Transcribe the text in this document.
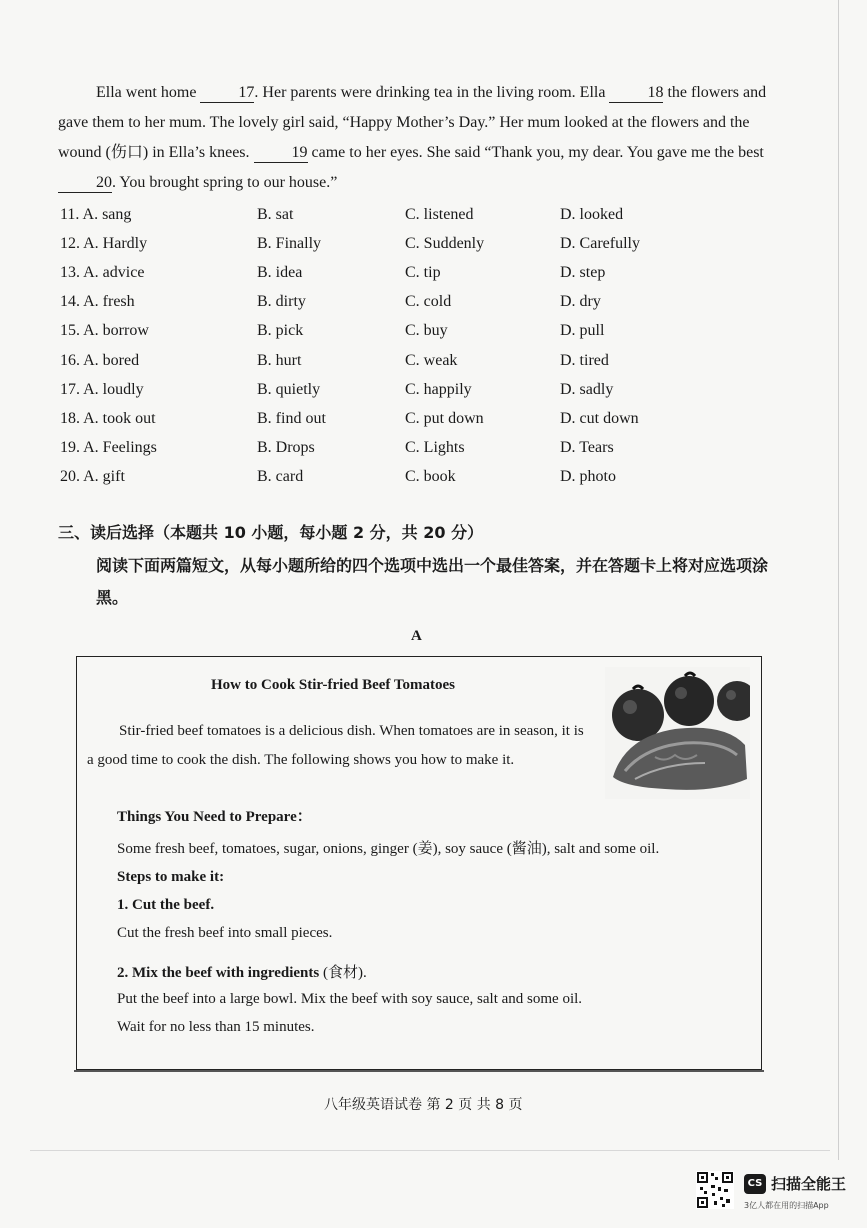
Ella went home 17. Her parents were drinking tea in the living room. Ella 18 the flowers and gave them to her mum. The lovely girl said, “Happy Mother’s Day.” Her mum looked at the flowers and the wound (伤口) in Ella’s knees. 19 came to her eyes. She said “Thank you, my dear. You gave me the best 20. You brought spring to our house.”

11. A. sang	B. sat	C. listened	D. looked
12. A. Hardly	B. Finally	C. Suddenly	D. Carefully
13. A. advice	B. idea	C. tip	D. step
14. A. fresh	B. dirty	C. cold	D. dry
15. A. borrow	B. pick	C. buy	D. pull
16. A. bored	B. hurt	C. weak	D. tired
17. A. loudly	B. quietly	C. happily	D. sadly
18. A. took out	B. find out	C. put down	D. cut down
19. A. Feelings	B. Drops	C. Lights	D. Tears
20. A. gift	B. card	C. book	D. photo
三、读后选择（本题共 10 小题，每小题 2 分，共 20 分）
阅读下面两篇短文，从每小题所给的四个选项中选出一个最佳答案，并在答题卡上将对应选项涂黑。
A
How to Cook Stir-fried Beef Tomatoes

Stir-fried beef tomatoes is a delicious dish. When tomatoes are in season, it is a good time to cook the dish. The following shows you how to make it.

Things You Need to Prepare：
Some fresh beef, tomatoes, sugar, onions, ginger (姜), soy sauce (酱油), salt and some oil.
Steps to make it:
1. Cut the beef.
Cut the fresh beef into small pieces.
2. Mix the beef with ingredients (食材).
Put the beef into a large bowl. Mix the beef with soy sauce, salt and some oil.
Wait for no less than 15 minutes.
八年级英语试卷 第 2 页 共 8 页
CS 扫描全能王
3亿人都在用的扫描App
